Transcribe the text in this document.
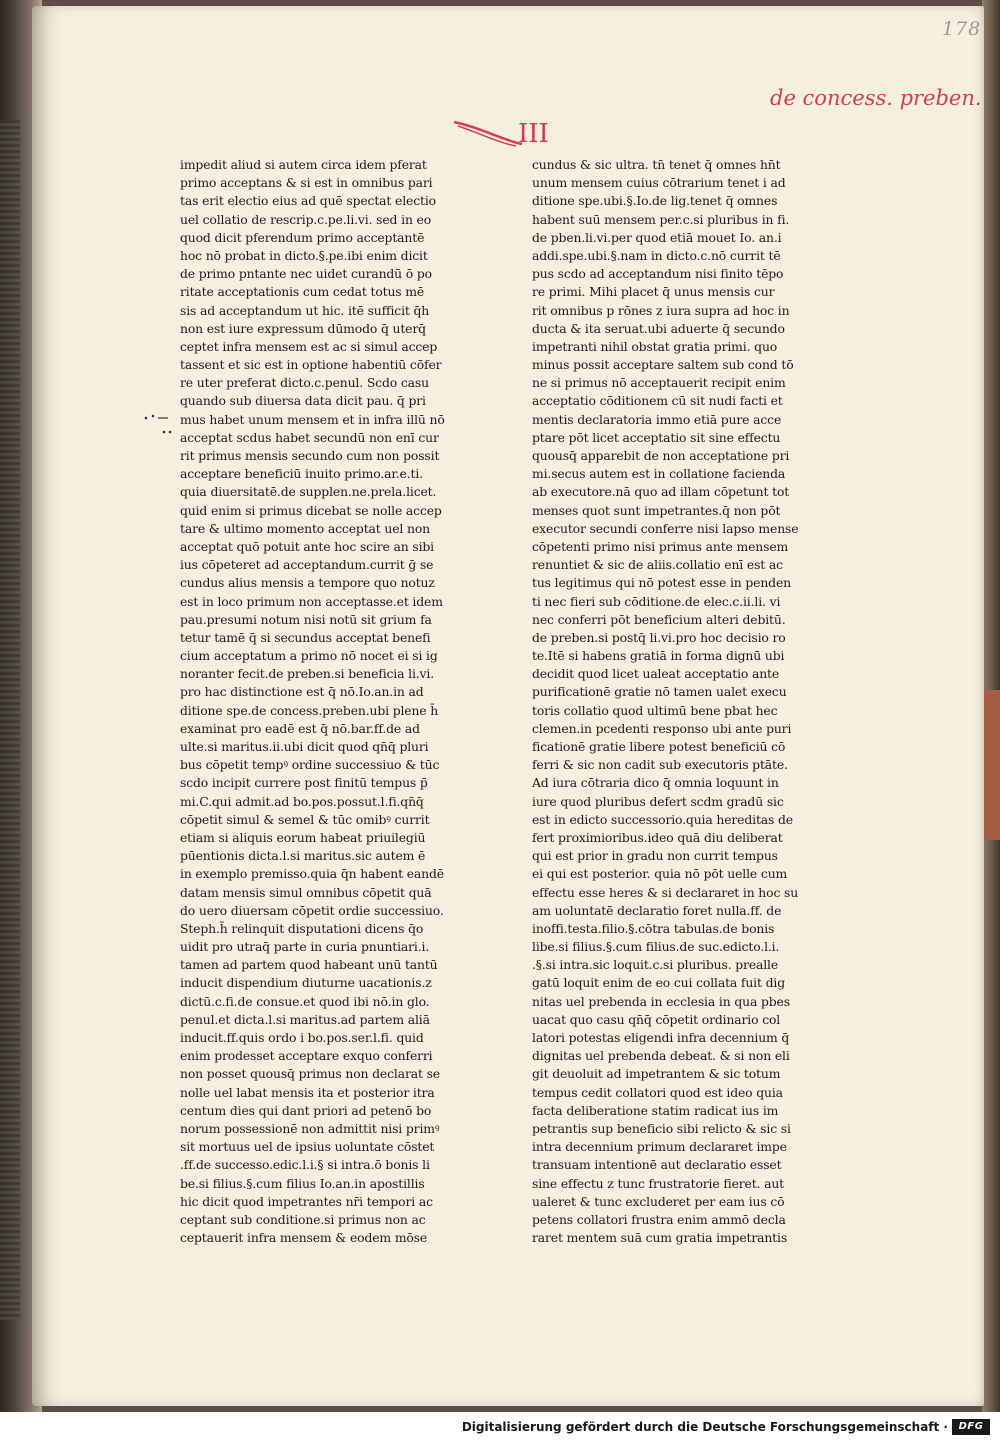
178
de concess. preben.
III
impedit aliud si autem circa idem pferat
primo acceptans & si est in omnibus pari
tas erit electio eius ad quē spectat electio
uel collatio de rescrip.c.pe.li.vi. sed in eo
quod dicit pferendum primo acceptantē
hoc nō probat in dicto.§.pe.ibi enim dicit
de primo pntante nec uidet curandū ō po
ritate acceptationis cum cedat totus mē
sis ad acceptandum ut hic. itē sufficit q̄h
non est iure expressum dūmodo q̄ uterq̄
ceptet infra mensem est ac si simul accep
tassent et sic est in optione habentiū cōfer
re uter preferat dicto.c.penul. Scdo casu
quando sub diuersa data dicit pau. q̄ pri
mus habet unum mensem et in infra illū nō
acceptat scdus habet secundū non enī cur
rit primus mensis secundo cum non possit
acceptare beneficiū inuito primo.ar.e.ti.
quia diuersitatē.de supplen.ne.prela.licet.
quid enim si primus dicebat se nolle accep
tare & ultimo momento acceptat uel non
acceptat quō potuit ante hoc scire an sibi
ius cōpeteret ad acceptandum.currit ḡ se
cundus alius mensis a tempore quo notuz
est in loco primum non acceptasse.et idem
pau.presumi notum nisi notū sit grium fa
tetur tamē q̄ si secundus acceptat benefi
cium acceptatum a primo nō nocet ei si ig
noranter fecit.de preben.si beneficia li.vi.
pro hac distinctione est q̄ nō.Io.an.in ad
ditione spe.de concess.preben.ubi plene h̄
examinat pro eadē est q̄ nō.bar.ff.de ad
ulte.si maritus.ii.ubi dicit quod qn̄q̄ pluri
bus cōpetit tempꝰ ordine successiuo & tūc
scdo incipit currere post finitū tempus p̄
mi.C.qui admit.ad bo.pos.possut.l.fi.qn̄q̄
cōpetit simul & semel & tūc omibꝰ currit
etiam si aliquis eorum habeat priuilegiū
pūentionis dicta.l.si maritus.sic autem ē
in exemplo premisso.quia q̄n habent eandē
datam mensis simul omnibus cōpetit quā
do uero diuersam cōpetit ordie successiuo.
Steph.h̄ relinquit disputationi dicens q̄o
uidit pro utraq̄ parte in curia pnuntiari.i.
tamen ad partem quod habeant unū tantū
inducit dispendium diuturne uacationis.z
dictū.c.fi.de consue.et quod ibi nō.in glo.
penul.et dicta.l.si maritus.ad partem aliā
inducit.ff.quis ordo i bo.pos.ser.l.fi. quid
enim prodesset acceptare exquo conferri
non posset quousq̄ primus non declarat se
nolle uel labat mensis ita et posterior itra
centum dies qui dant priori ad petenō bo
norum possessionē non admittit nisi primꝰ
sit mortuus uel de ipsius uoluntate cōstet
.ff.de successo.edic.l.i.§ si intra.ō bonis li
be.si filius.§.cum filius Io.an.in apostillis
hic dicit quod impetrantes nr̄i tempori ac
ceptant sub conditione.si primus non ac
ceptauerit infra mensem & eodem mōse
cundus & sic ultra. tn̄ tenet q̄ omnes hn̄t
unum mensem cuius cōtrarium tenet i ad
ditione spe.ubi.§.Io.de lig.tenet q̄ omnes
habent suū mensem per.c.si pluribus in fi.
de pben.li.vi.per quod etiā mouet Io. an.i
addi.spe.ubi.§.nam in dicto.c.nō currit tē
pus scdo ad acceptandum nisi finito tēpo
re primi. Mihi placet q̄ unus mensis cur
rit omnibus p rōnes z iura supra ad hoc in
ducta & ita seruat.ubi aduerte q̄ secundo
impetranti nihil obstat gratia primi. quo
minus possit acceptare saltem sub cond tō
ne si primus nō acceptauerit recipit enim
acceptatio cōditionem cū sit nudi facti et
mentis declaratoria immo etiā pure acce
ptare pōt licet acceptatio sit sine effectu
quousq̄ apparebit de non acceptatione pri
mi.secus autem est in collatione facienda
ab executore.nā quo ad illam cōpetunt tot
menses quot sunt impetrantes.q̄ non pōt
executor secundi conferre nisi lapso mense
cōpetenti primo nisi primus ante mensem
renuntiet & sic de aliis.collatio enī est ac
tus legitimus qui nō potest esse in penden
ti nec fieri sub cōditione.de elec.c.ii.li. vi
nec conferri pōt beneficium alteri debitū.
de preben.si postq̄ li.vi.pro hoc decisio ro
te.Itē si habens gratiā in forma dignū ubi
decidit quod licet ualeat acceptatio ante
purificationē gratie nō tamen ualet execu
toris collatio quod ultimū bene pbat hec
clemen.in pcedenti responso ubi ante puri
ficationē gratie libere potest beneficiū cō
ferri & sic non cadit sub executoris ptāte.
Ad iura cōtraria dico q̄ omnia loquunt in
iure quod pluribus defert scdm gradū sic
est in edicto successorio.quia hereditas de
fert proximioribus.ideo quā diu deliberat
qui est prior in gradu non currit tempus
ei qui est posterior. quia nō pōt uelle cum
effectu esse heres & si declararet in hoc su
am uoluntatē declaratio foret nulla.ff. de
inoffi.testa.filio.§.cōtra tabulas.de bonis
libe.si filius.§.cum filius.de suc.edicto.l.i.
.§.si intra.sic loquit.c.si pluribus. prealle
gatū loquit enim de eo cui collata fuit dig
nitas uel prebenda in ecclesia in qua pbes
uacat quo casu qn̄q̄ cōpetit ordinario col
latori potestas eligendi infra decennium q̄
dignitas uel prebenda debeat. & si non eli
git deuoluit ad impetrantem & sic totum
tempus cedit collatori quod est ideo quia
facta deliberatione statim radicat ius im
petrantis sup beneficio sibi relicto & sic si
intra decennium primum declararet impe
transuam intentionē aut declaratio esset
sine effectu z tunc frustratorie fieret. aut
ualeret & tunc excluderet per eam ius cō
petens collatori frustra enim ammō decla
raret mentem suā cum gratia impetrantis
Digitalisierung gefördert durch die Deutsche Forschungsgemeinschaft ·	DFG
